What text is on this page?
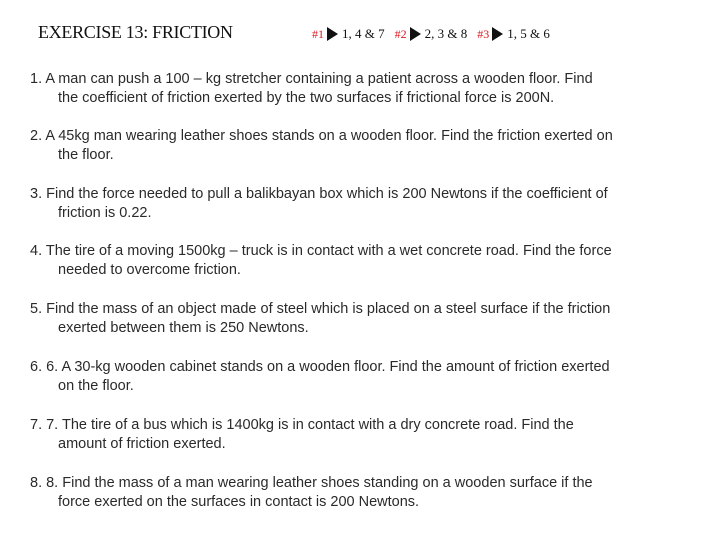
EXERCISE 13: FRICTION	#1 1, 4 & 7 #2 2, 3 & 8 #3 1, 5 & 6
1. A man can push a 100 – kg stretcher containing a patient across a wooden floor. Find
the coefficient of friction exerted by the two surfaces if frictional force is 200N.
2. A 45kg man wearing leather shoes stands on a wooden floor. Find the friction exerted on
the floor.
3. Find the force needed to pull a balikbayan box which is 200 Newtons if the coefficient of
friction is 0.22.
4. The tire of a moving 1500kg – truck is in contact with a wet concrete road. Find the force
needed to overcome friction.
5. Find the mass of an object made of steel which is placed on a steel surface if the friction
exerted between them is 250 Newtons.
6. 6. A 30-kg wooden cabinet stands on a wooden floor. Find the amount of friction exerted
on the floor.
7. 7. The tire of a bus which is 1400kg is in contact with a dry concrete road. Find the
amount of friction exerted.
8. 8. Find the mass of a man wearing leather shoes standing on a wooden surface if the
force exerted on the surfaces in contact is 200 Newtons.
